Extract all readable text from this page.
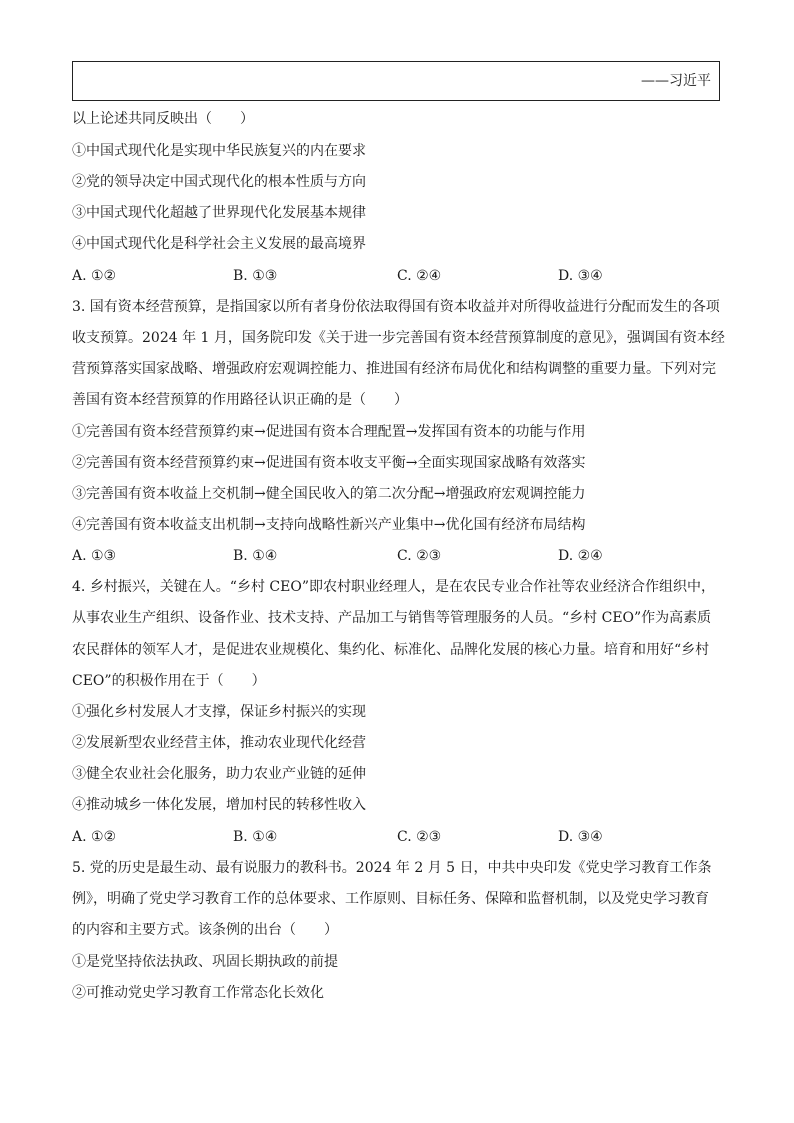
——习近平
以上论述共同反映出（　　）
①中国式现代化是实现中华民族复兴的内在要求
②党的领导决定中国式现代化的根本性质与方向
③中国式现代化超越了世界现代化发展基本规律
④中国式现代化是科学社会主义发展的最高境界
A. ①②	B. ①③	C. ②④	D. ③④
3. 国有资本经营预算，是指国家以所有者身份依法取得国有资本收益并对所得收益进行分配而发生的各项
收支预算。2024 年 1 月，国务院印发《关于进一步完善国有资本经营预算制度的意见》，强调国有资本经
营预算落实国家战略、增强政府宏观调控能力、推进国有经济布局优化和结构调整的重要力量。下列对完
善国有资本经营预算的作用路径认识正确的是（　　）
①完善国有资本经营预算约束→促进国有资本合理配置→发挥国有资本的功能与作用
②完善国有资本经营预算约束→促进国有资本收支平衡→全面实现国家战略有效落实
③完善国有资本收益上交机制→健全国民收入的第二次分配→增强政府宏观调控能力
④完善国有资本收益支出机制→支持向战略性新兴产业集中→优化国有经济布局结构
A. ①③	B. ①④	C. ②③	D. ②④
4. 乡村振兴，关键在人。“乡村 CEO”即农村职业经理人，是在农民专业合作社等农业经济合作组织中，
从事农业生产组织、设备作业、技术支持、产品加工与销售等管理服务的人员。“乡村 CEO”作为高素质
农民群体的领军人才，是促进农业规模化、集约化、标准化、品牌化发展的核心力量。培育和用好“乡村
CEO”的积极作用在于（　　）
①强化乡村发展人才支撑，保证乡村振兴的实现
②发展新型农业经营主体，推动农业现代化经营
③健全农业社会化服务，助力农业产业链的延伸
④推动城乡一体化发展，增加村民的转移性收入
A. ①②	B. ①④	C. ②③	D. ③④
5. 党的历史是最生动、最有说服力的教科书。2024 年 2 月 5 日，中共中央印发《党史学习教育工作条
例》，明确了党史学习教育工作的总体要求、工作原则、目标任务、保障和监督机制，以及党史学习教育
的内容和主要方式。该条例的出台（　　）
①是党坚持依法执政、巩固长期执政的前提
②可推动党史学习教育工作常态化长效化
